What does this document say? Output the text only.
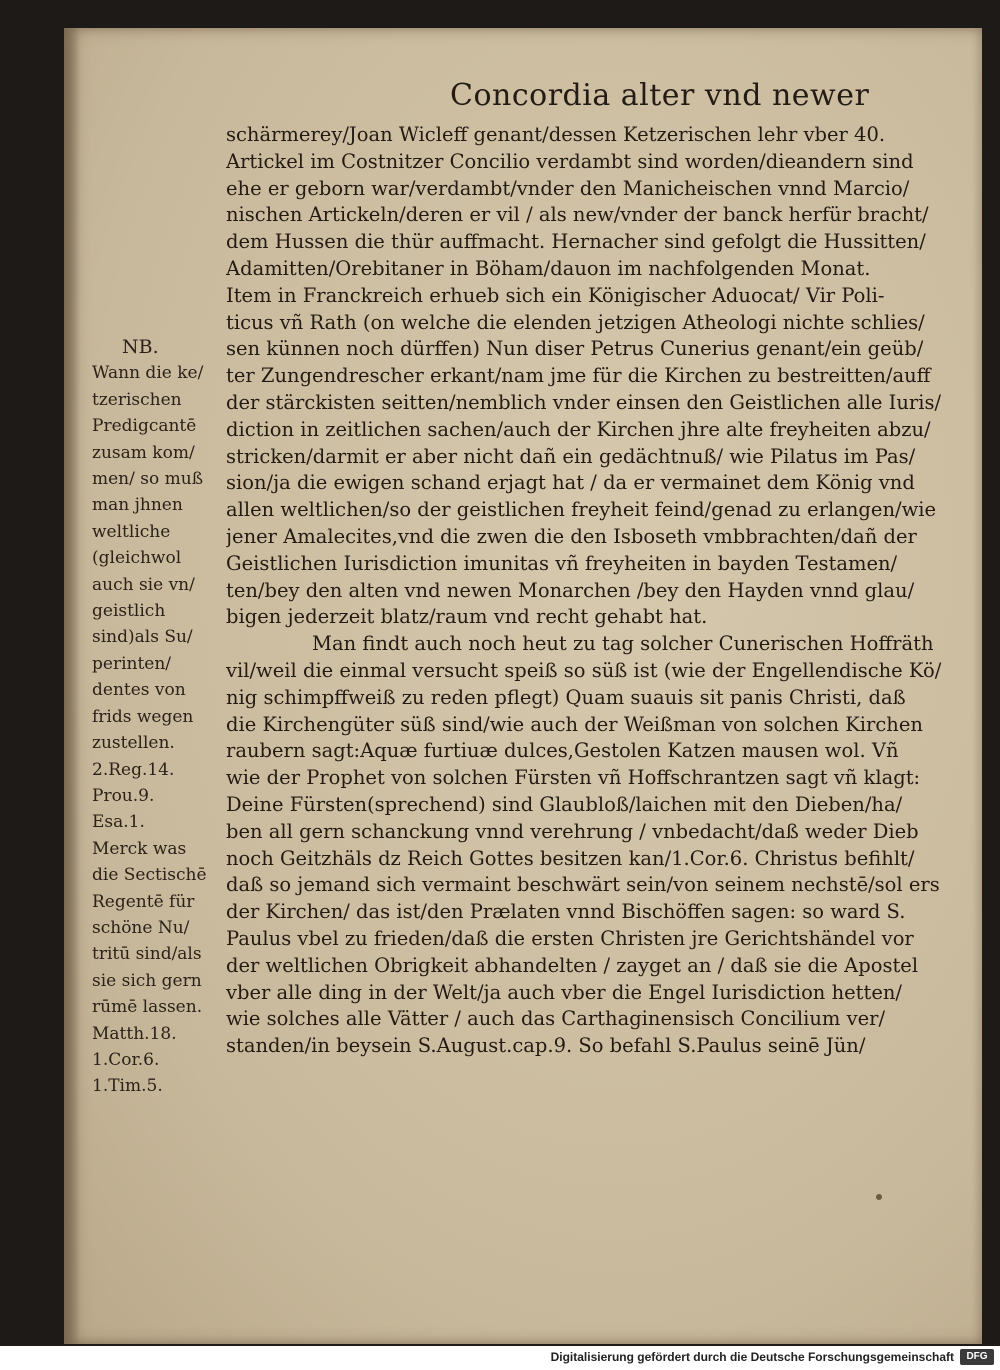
Concordia alter vnd newer
NB.
Wann die ke/
tzerischen
Predigcantē
zusam kom/
men/ so muß
man jhnen
weltliche
(gleichwol
auch sie vn/
geistlich
sind)als Su/
perinten/
dentes von
frids wegen
zustellen.
2.Reg.14.
Prou.9.
Esa.1.
Merck was
die Sectischē
Regentē für
schöne Nu/
tritū sind/als
sie sich gern
rūmē lassen.
Matth.18.
1.Cor.6.
1.Tim.5.
schärmerey/Joan Wicleff genant/dessen Ketzerischen lehr vber 40.
Artickel im Costnitzer Concilio verdambt sind worden/dieandern sind
ehe er geborn war/verdambt/vnder den Manicheischen vnnd Marcio/
nischen Artickeln/deren er vil / als new/vnder der banck herfür bracht/
dem Hussen die thür auffmacht. Hernacher sind gefolgt die Hussitten/
Adamitten/Orebitaner in Böham/dauon im nachfolgenden Monat.
Item in Franckreich erhueb sich ein Königischer Aduocat/ Vir Poli-
ticus vñ Rath (on welche die elenden jetzigen Atheologi nichte schlies/
sen künnen noch dürffen) Nun diser Petrus Cunerius genant/ein geüb/
ter Zungendrescher erkant/nam jme für die Kirchen zu bestreitten/auff
der stärckisten seitten/nemblich vnder einsen den Geistlichen alle Iuris/
diction in zeitlichen sachen/auch der Kirchen jhre alte freyheiten abzu/
stricken/darmit er aber nicht dañ ein gedächtnuß/ wie Pilatus im Pas/
sion/ja die ewigen schand erjagt hat / da er vermainet dem König vnd
allen weltlichen/so der geistlichen freyheit feind/genad zu erlangen/wie
jener Amalecites,vnd die zwen die den Isboseth vmbbrachten/dañ der
Geistlichen Iurisdiction imunitas vñ freyheiten in bayden Testamen/
ten/bey den alten vnd newen Monarchen /bey den Hayden vnnd glau/
bigen jederzeit blatz/raum vnd recht gehabt hat.
Man findt auch noch heut zu tag solcher Cunerischen Hoffräth
vil/weil die einmal versucht speiß so süß ist (wie der Engellendische Kö/
nig schimpffweiß zu reden pflegt) Quam suauis sit panis Christi, daß
die Kirchengüter süß sind/wie auch der Weißman von solchen Kirchen
raubern sagt:Aquæ furtiuæ dulces,Gestolen Katzen mausen wol. Vñ
wie der Prophet von solchen Fürsten vñ Hoffschrantzen sagt vñ klagt:
Deine Fürsten(sprechend) sind Glaubloß/laichen mit den Dieben/ha/
ben all gern schanckung vnnd verehrung / vnbedacht/daß weder Dieb
noch Geitzhäls dz Reich Gottes besitzen kan/1.Cor.6. Christus befihlt/
daß so jemand sich vermaint beschwärt sein/von seinem nechstē/sol ers
der Kirchen/ das ist/den Prælaten vnnd Bischöffen sagen: so ward S.
Paulus vbel zu frieden/daß die ersten Christen jre Gerichtshändel vor
der weltlichen Obrigkeit abhandelten / zayget an / daß sie die Apostel
vber alle ding in der Welt/ja auch vber die Engel Iurisdiction hetten/
wie solches alle Vätter / auch das Carthaginensisch Concilium ver/
standen/in beysein S.August.cap.9. So befahl S.Paulus seinē Jün/
Digitalisierung gefördert durch die Deutsche Forschungsgemeinschaft	DFG
